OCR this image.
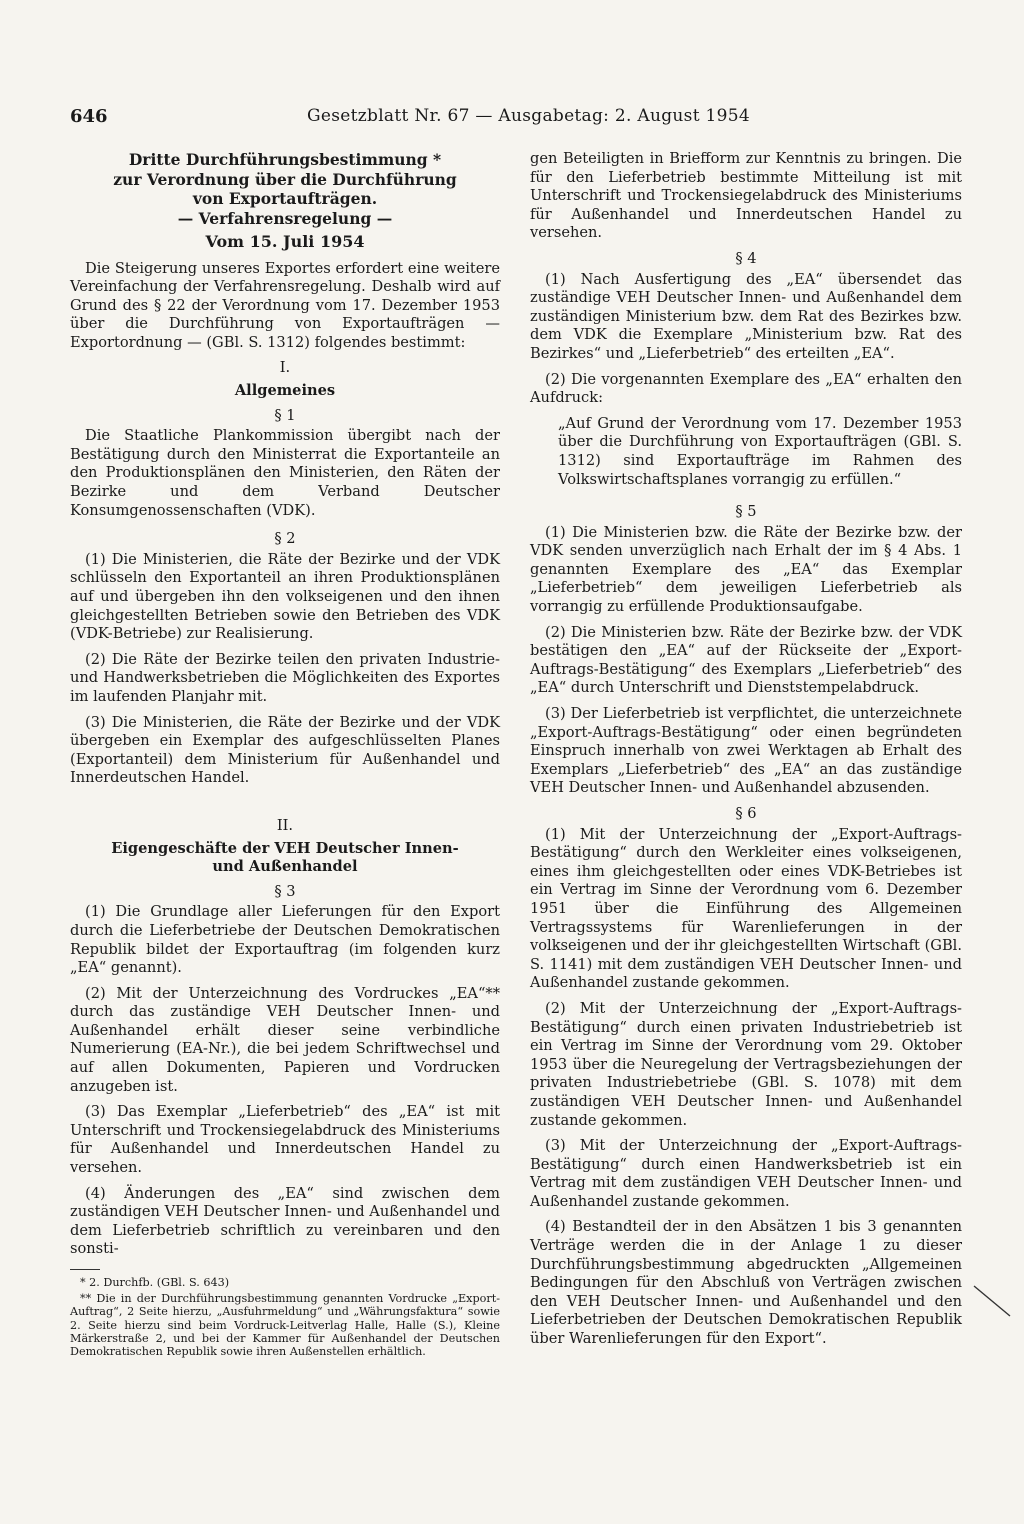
646	Gesetzblatt Nr. 67 — Ausgabetag: 2. August 1954
Dritte Durchführungsbestimmung *
zur Verordnung über die Durchführung
von Exportaufträgen.
— Verfahrensregelung —
Vom 15. Juli 1954

Die Steigerung unseres Exportes erfordert eine weitere Vereinfachung der Verfahrensregelung. Deshalb wird auf Grund des § 22 der Verordnung vom 17. Dezember 1953 über die Durchführung von Exportaufträgen — Exportordnung — (GBl. S. 1312) folgendes bestimmt:

I.
Allgemeines
§ 1

Die Staatliche Plankommission übergibt nach der Bestätigung durch den Ministerrat die Exportanteile an den Produktionsplänen den Ministerien, den Räten der Bezirke und dem Verband Deutscher Konsumgenossenschaften (VDK).

§ 2

(1) Die Ministerien, die Räte der Bezirke und der VDK schlüsseln den Exportanteil an ihren Produktionsplänen auf und übergeben ihn den volkseigenen und den ihnen gleichgestellten Betrieben sowie den Betrieben des VDK (VDK-Betriebe) zur Realisierung.

(2) Die Räte der Bezirke teilen den privaten Industrie- und Handwerksbetrieben die Möglichkeiten des Exportes im laufenden Planjahr mit.

(3) Die Ministerien, die Räte der Bezirke und der VDK übergeben ein Exemplar des aufgeschlüsselten Planes (Exportanteil) dem Ministerium für Außenhandel und Innerdeutschen Handel.

II.
Eigengeschäfte der VEH Deutscher Innen-
und Außenhandel
§ 3

(1) Die Grundlage aller Lieferungen für den Export durch die Lieferbetriebe der Deutschen Demokratischen Republik bildet der Exportauftrag (im folgenden kurz „EA“ genannt).

(2) Mit der Unterzeichnung des Vordruckes „EA“** durch das zuständige VEH Deutscher Innen- und Außenhandel erhält dieser seine verbindliche Numerierung (EA-Nr.), die bei jedem Schriftwechsel und auf allen Dokumenten, Papieren und Vordrucken anzugeben ist.

(3) Das Exemplar „Lieferbetrieb“ des „EA“ ist mit Unterschrift und Trockensiegelabdruck des Ministeriums für Außenhandel und Innerdeutschen Handel zu versehen.

(4) Änderungen des „EA“ sind zwischen dem zuständigen VEH Deutscher Innen- und Außenhandel und dem Lieferbetrieb schriftlich zu vereinbaren und den sonsti-

* 2. Durchfb. (GBl. S. 643)

** Die in der Durchführungsbestimmung genannten Vordrucke „Export-Auftrag“, 2 Seite hierzu, „Ausfuhrmeldung“ und „Währungsfaktura“ sowie 2. Seite hierzu sind beim Vordruck-Leitverlag Halle, Halle (S.), Kleine Märkerstraße 2, und bei der Kammer für Außenhandel der Deutschen Demokratischen Republik sowie ihren Außenstellen erhältlich.

gen Beteiligten in Briefform zur Kenntnis zu bringen. Die für den Lieferbetrieb bestimmte Mitteilung ist mit Unterschrift und Trockensiegelabdruck des Ministeriums für Außenhandel und Innerdeutschen Handel zu versehen.

§ 4

(1) Nach Ausfertigung des „EA“ übersendet das zuständige VEH Deutscher Innen- und Außenhandel dem zuständigen Ministerium bzw. dem Rat des Bezirkes bzw. dem VDK die Exemplare „Ministerium bzw. Rat des Bezirkes“ und „Lieferbetrieb“ des erteilten „EA“.

(2) Die vorgenannten Exemplare des „EA“ erhalten den Aufdruck:

„Auf Grund der Verordnung vom 17. Dezember 1953 über die Durchführung von Exportaufträgen (GBl. S. 1312) sind Exportaufträge im Rahmen des Volkswirtschaftsplanes vorrangig zu erfüllen.“

§ 5

(1) Die Ministerien bzw. die Räte der Bezirke bzw. der VDK senden unverzüglich nach Erhalt der im § 4 Abs. 1 genannten Exemplare des „EA“ das Exemplar „Lieferbetrieb“ dem jeweiligen Lieferbetrieb als vorrangig zu erfüllende Produktionsaufgabe.

(2) Die Ministerien bzw. Räte der Bezirke bzw. der VDK bestätigen den „EA“ auf der Rückseite der „Export-Auftrags-Bestätigung“ des Exemplars „Lieferbetrieb“ des „EA“ durch Unterschrift und Dienststempelabdruck.

(3) Der Lieferbetrieb ist verpflichtet, die unterzeichnete „Export-Auftrags-Bestätigung“ oder einen begründeten Einspruch innerhalb von zwei Werktagen ab Erhalt des Exemplars „Lieferbetrieb“ des „EA“ an das zuständige VEH Deutscher Innen- und Außenhandel abzusenden.

§ 6

(1) Mit der Unterzeichnung der „Export-Auftrags-Bestätigung“ durch den Werkleiter eines volkseigenen, eines ihm gleichgestellten oder eines VDK-Betriebes ist ein Vertrag im Sinne der Verordnung vom 6. Dezember 1951 über die Einführung des Allgemeinen Vertragssystems für Warenlieferungen in der volkseigenen und der ihr gleichgestellten Wirtschaft (GBl. S. 1141) mit dem zuständigen VEH Deutscher Innen- und Außenhandel zustande gekommen.

(2) Mit der Unterzeichnung der „Export-Auftrags-Bestätigung“ durch einen privaten Industriebetrieb ist ein Vertrag im Sinne der Verordnung vom 29. Oktober 1953 über die Neuregelung der Vertragsbeziehungen der privaten Industriebetriebe (GBl. S. 1078) mit dem zuständigen VEH Deutscher Innen- und Außenhandel zustande gekommen.

(3) Mit der Unterzeichnung der „Export-Auftrags-Bestätigung“ durch einen Handwerksbetrieb ist ein Vertrag mit dem zuständigen VEH Deutscher Innen- und Außenhandel zustande gekommen.

(4) Bestandteil der in den Absätzen 1 bis 3 genannten Verträge werden die in der Anlage 1 zu dieser Durchführungsbestimmung abgedruckten „Allgemeinen Bedingungen für den Abschluß von Verträgen zwischen den VEH Deutscher Innen- und Außenhandel und den Lieferbetrieben der Deutschen Demokratischen Republik über Warenlieferungen für den Export“.
